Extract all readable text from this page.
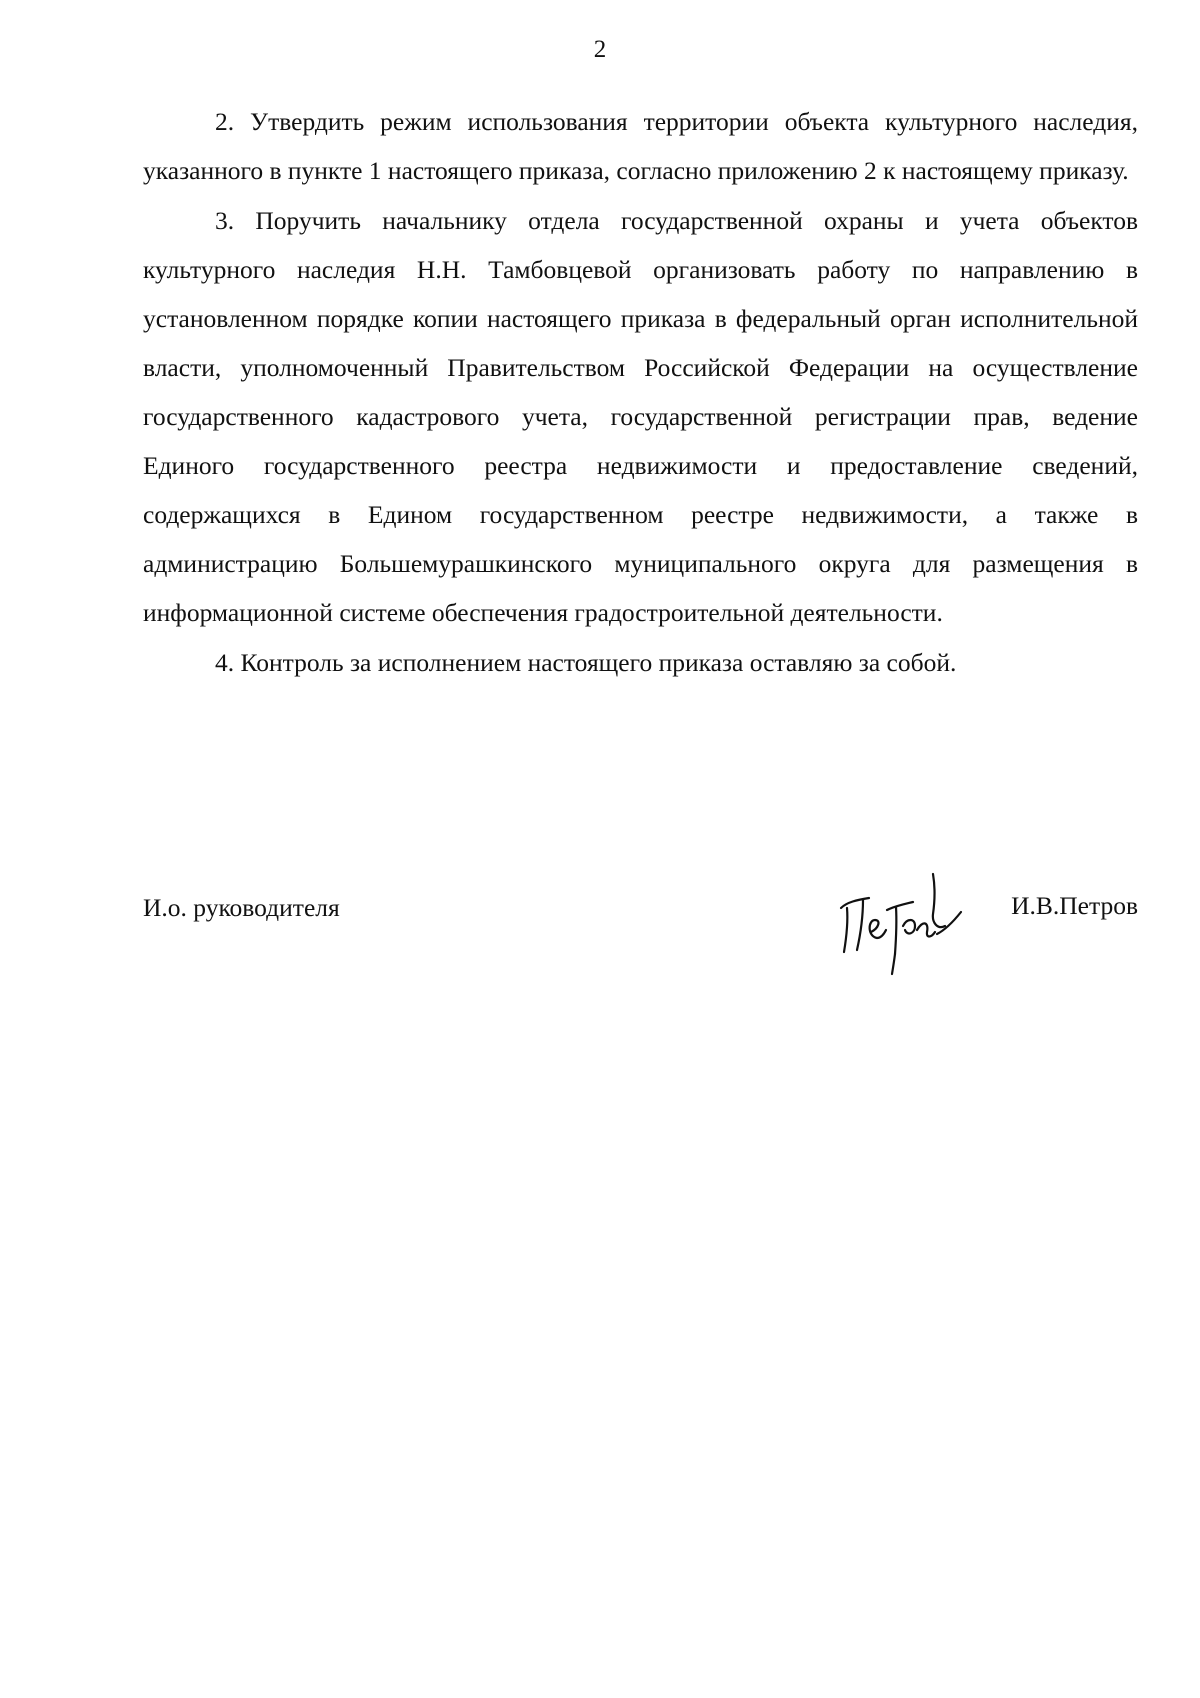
2

2. Утвердить режим использования территории объекта культурного наследия, указанного в пункте 1 настоящего приказа, согласно приложению 2 к настоящему приказу.

3. Поручить начальнику отдела государственной охраны и учета объектов культурного наследия Н.Н. Тамбовцевой организовать работу по направлению в установленном порядке копии настоящего приказа в федеральный орган исполнительной власти, уполномоченный Правительством Российской Федерации на осуществление государственного кадастрового учета, государственной регистрации прав, ведение Единого государственного реестра недвижимости и предоставление сведений, содержащихся в Едином государственном реестре недвижимости, а также в администрацию Большемурашкинского муниципального округа для размещения в информационной системе обеспечения градостроительной деятельности.

4. Контроль за исполнением настоящего приказа оставляю за собой.

И.о. руководителя	И.В.Петров
